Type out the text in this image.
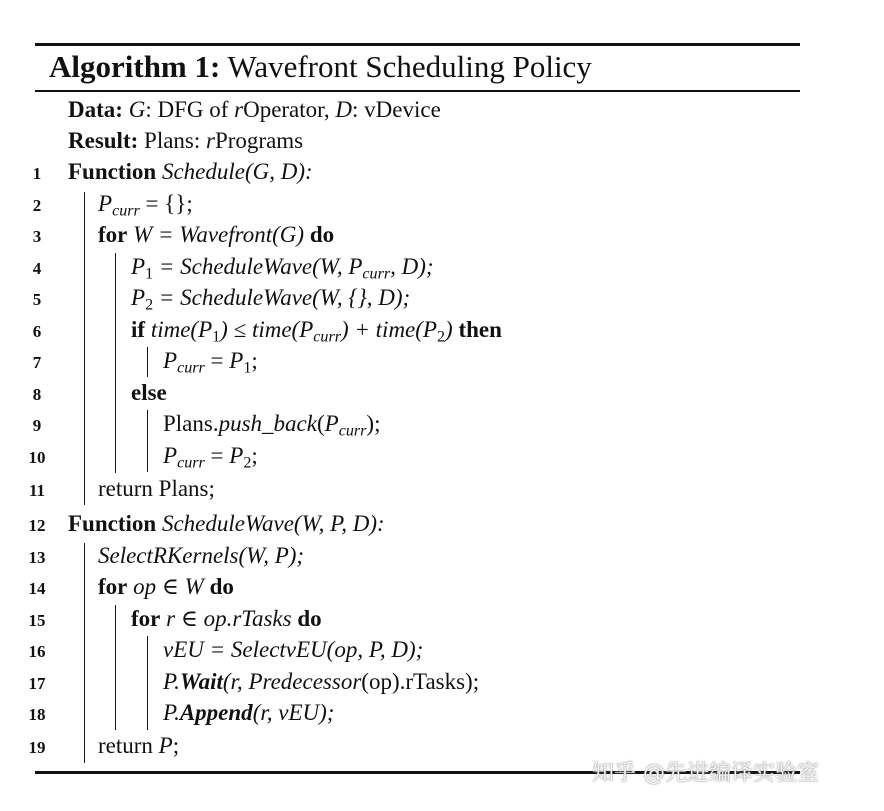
Algorithm 1: Wavefront Scheduling Policy
Data: G: DFG of rOperator, D: vDevice
Result: Plans: rPrograms
1
2
3
4
5
6
7
8
9
10
11
12
13
14
15
16
17
18
19
Function Schedule(G, D):
$P_{curr}$ = {};
for W = Wavefront(G) do
$P_1$ = ScheduleWave(W, $P_{curr}$, D);
$P_2$ = ScheduleWave(W, {}, D);
if $time(P_1)$ ≤ $time(P_{curr})$ + $time(P_2)$ then
$P_{curr} = P_1$;
else
$Plans.push\_back(P_{curr})$;
$P_{curr} = P_2$;
return Plans;
Function ScheduleWave(W, P, D):
SelectRKernels(W, P);
for op ∈ W do
for r ∈ op.rTasks do
vEU = SelectvEU(op, P, D);
P.Wait(r, Predecessor(op).rTasks);
P.Append(r, vEU);
return P;
知乎 @先进编译实验室
